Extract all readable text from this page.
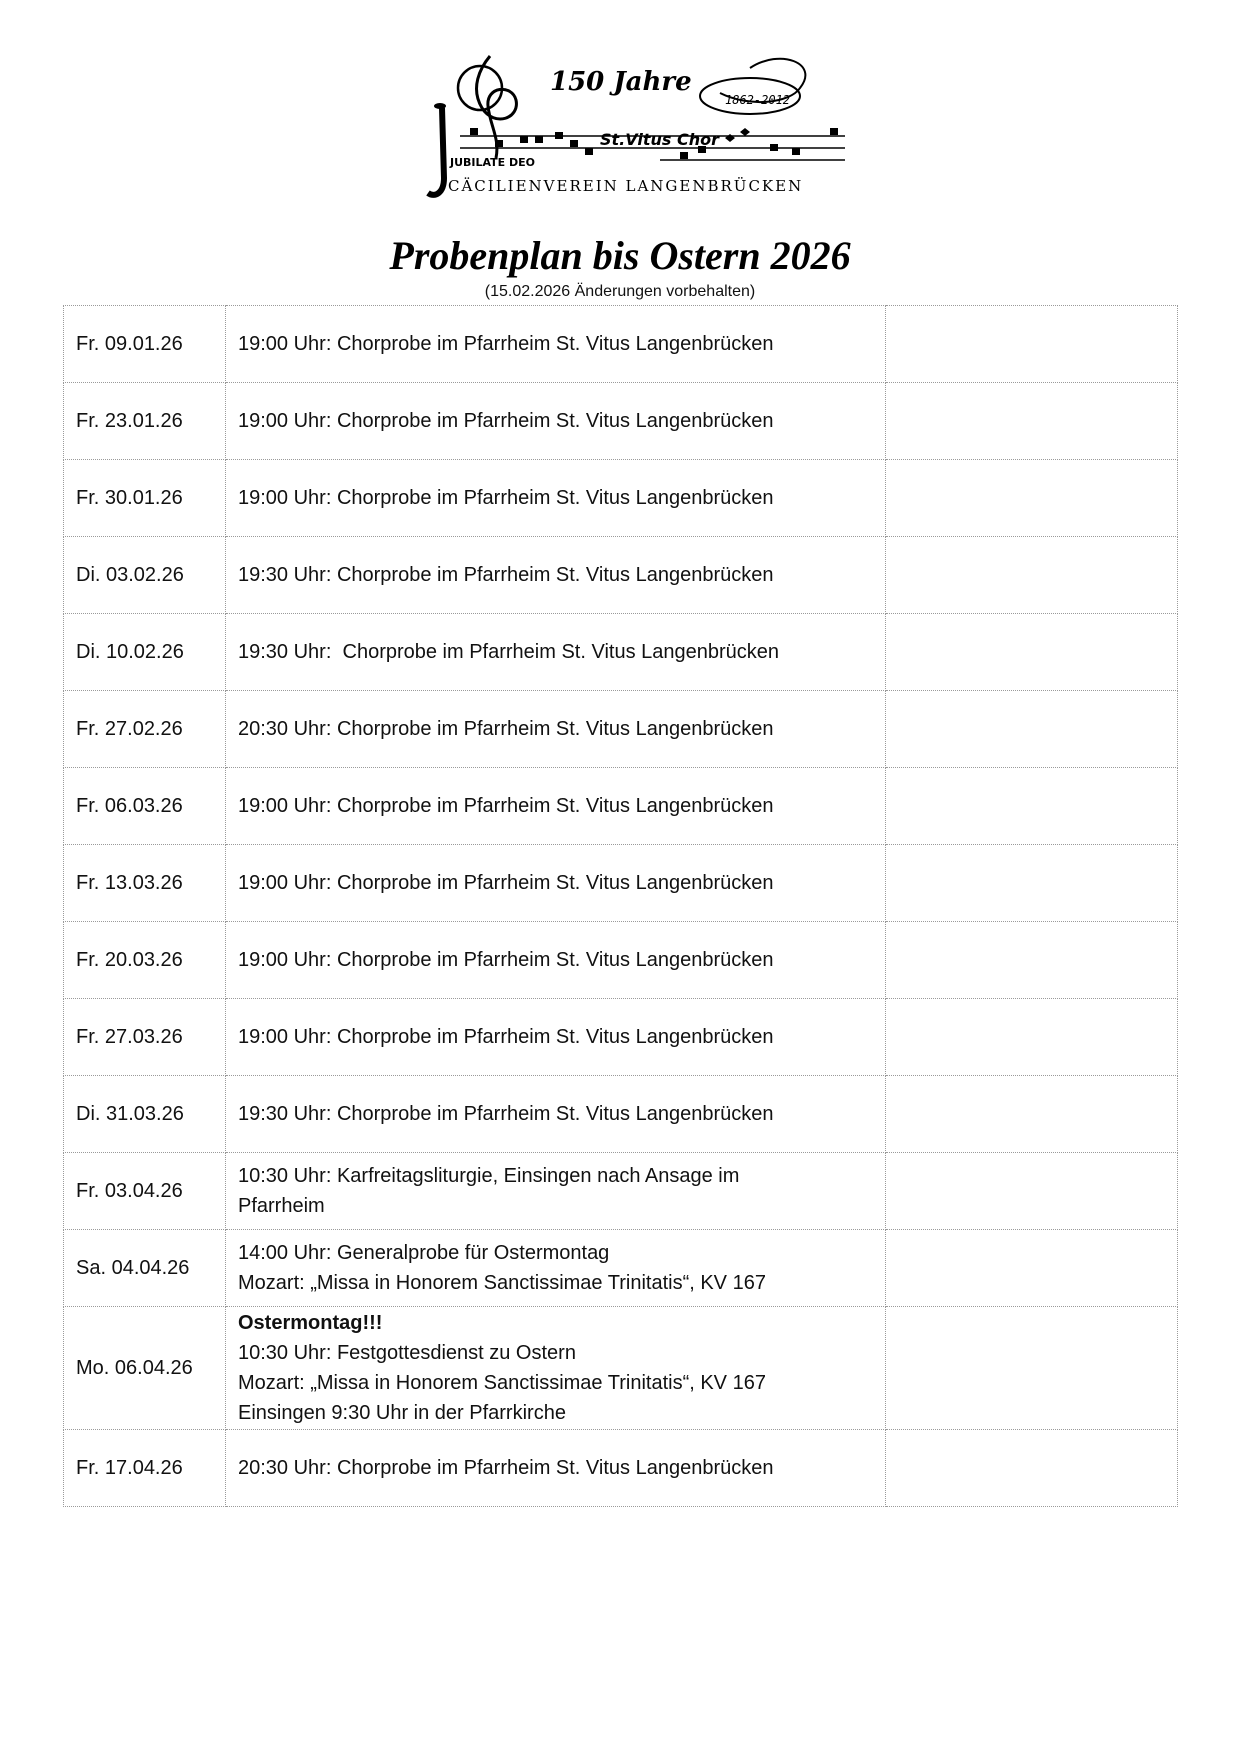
150 Jahre
1862-2012
St.Vitus Chor
JUBILATE DEO
CÄCILIENVEREIN LANGENBRÜCKEN
Probenplan bis Ostern 2026
(15.02.2026 Änderungen vorbehalten)
Fr. 09.01.26	19:00 Uhr: Chorprobe im Pfarrheim St. Vitus Langenbrücken	

Fr. 23.01.26	19:00 Uhr: Chorprobe im Pfarrheim St. Vitus Langenbrücken	

Fr. 30.01.26	19:00 Uhr: Chorprobe im Pfarrheim St. Vitus Langenbrücken	

Di. 03.02.26	19:30 Uhr: Chorprobe im Pfarrheim St. Vitus Langenbrücken	

Di. 10.02.26	19:30 Uhr:  Chorprobe im Pfarrheim St. Vitus Langenbrücken	

Fr. 27.02.26	20:30 Uhr: Chorprobe im Pfarrheim St. Vitus Langenbrücken	

Fr. 06.03.26	19:00 Uhr: Chorprobe im Pfarrheim St. Vitus Langenbrücken	

Fr. 13.03.26	19:00 Uhr: Chorprobe im Pfarrheim St. Vitus Langenbrücken	

Fr. 20.03.26	19:00 Uhr: Chorprobe im Pfarrheim St. Vitus Langenbrücken	

Fr. 27.03.26	19:00 Uhr: Chorprobe im Pfarrheim St. Vitus Langenbrücken	

Di. 31.03.26	19:30 Uhr: Chorprobe im Pfarrheim St. Vitus Langenbrücken	

Fr. 03.04.26	10:30 Uhr: Karfreitagsliturgie, Einsingen nach Ansage im
Pfarrheim	

Sa. 04.04.26	14:00 Uhr: Generalprobe für Ostermontag
Mozart: „Missa in Honorem Sanctissimae Trinitatis“, KV 167	

Mo. 06.04.26	Ostermontag!!!
10:30 Uhr: Festgottesdienst zu Ostern
Mozart: „Missa in Honorem Sanctissimae Trinitatis“, KV 167
Einsingen 9:30 Uhr in der Pfarrkirche	

Fr. 17.04.26	20:30 Uhr: Chorprobe im Pfarrheim St. Vitus Langenbrücken	
